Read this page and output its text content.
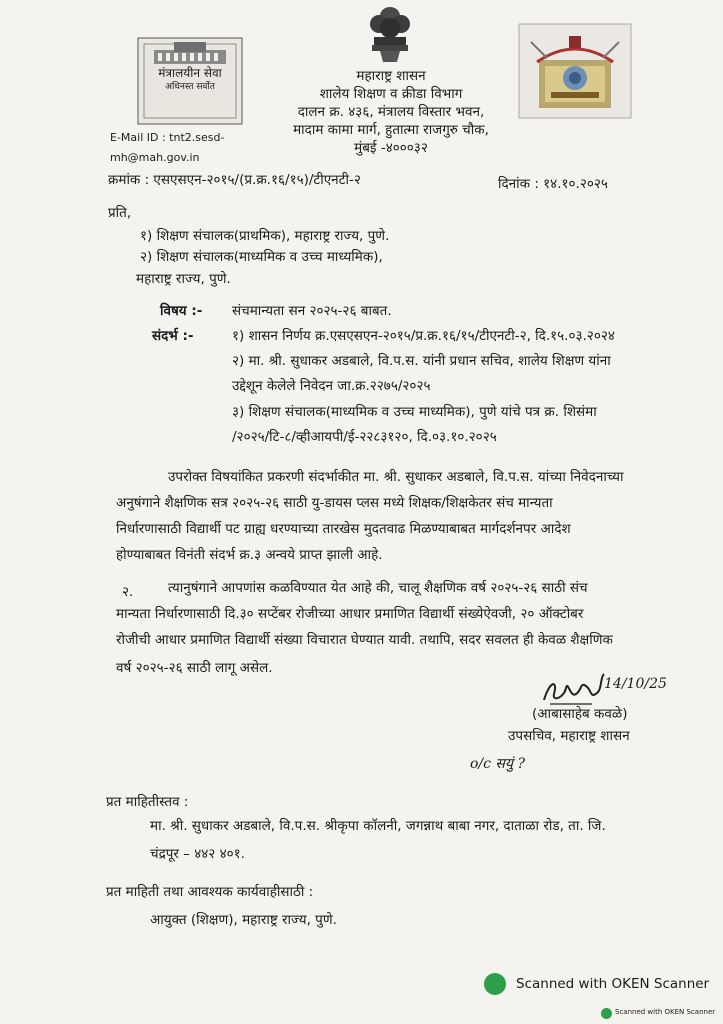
मंत्रालयीन सेवा
अधिनस्त सर्वोत
महाराष्ट्र शासन
शालेय शिक्षण व क्रीडा विभाग
दालन क्र. ४३६, मंत्रालय विस्तार भवन,
मादाम कामा मार्ग, हुतात्मा राजगुरु चौक,
मुंबई -४०००३२
E-Mail ID : tnt2.sesd-
mh@mah.gov.in
क्रमांक : एसएसएन-२०१५/(प्र.क्र.१६/१५)/टीएनटी-२	दिनांक : १४.१०.२०२५
प्रति,
१) शिक्षण संचालक(प्राथमिक), महाराष्ट्र राज्य, पुणे.
२) शिक्षण संचालक(माध्यमिक व उच्च माध्यमिक),
महाराष्ट्र राज्य, पुणे.
विषय :- संचमान्यता सन २०२५-२६ बाबत.
संदर्भ :-	१) शासन निर्णय क्र.एसएसएन-२०१५/प्र.क्र.१६/१५/टीएनटी-२, दि.१५.०३.२०२४
२) मा. श्री. सुधाकर अडबाले, वि.प.स. यांनी प्रधान सचिव, शालेय शिक्षण यांना
उद्देशून केलेले निवेदन जा.क्र.२२७५/२०२५
३) शिक्षण संचालक(माध्यमिक व उच्च माध्यमिक), पुणे यांचे पत्र क्र. शिसंमा
/२०२५/टि-८/व्हीआयपी/ई-२२८३१२०, दि.०३.१०.२०२५
उपरोक्त विषयांकित प्रकरणी संदर्भाकीत मा. श्री. सुधाकर अडबाले, वि.प.स. यांच्या निवेदनाच्या
अनुषंगाने शैक्षणिक सत्र २०२५-२६ साठी यु-डायस प्लस मध्ये शिक्षक/शिक्षकेतर संच मान्यता
निर्धारणासाठी विद्यार्थी पट ग्राह्य धरण्याच्या तारखेस मुदतवाढ मिळण्याबाबत मार्गदर्शनपर आदेश
होण्याबाबत विनंती संदर्भ क्र.३ अन्वये प्राप्त झाली आहे.
२.	त्यानुषंगाने आपणांस कळविण्यात येत आहे की, चालू शैक्षणिक वर्ष २०२५-२६ साठी संच
मान्यता निर्धारणासाठी दि.३० सप्टेंबर रोजीच्या आधार प्रमाणित विद्यार्थी संख्येऐवजी, २० ऑक्टोबर
रोजीची आधार प्रमाणित विद्यार्थी संख्या विचारात घेण्यात यावी. तथापि, सदर सवलत ही केवळ शैक्षणिक
वर्ष २०२५-२६ साठी लागू असेल.
14/10/25
(आबासाहेब कवळे)
उपसचिव, महाराष्ट्र शासन
o/c सयुं ?
प्रत माहितीस्तव :
मा. श्री. सुधाकर अडबाले, वि.प.स. श्रीकृपा कॉलनी, जगन्नाथ बाबा नगर, दाताळा रोड, ता. जि.
चंद्रपूर – ४४२ ४०१.
प्रत माहिती तथा आवश्यक कार्यवाहीसाठी :
आयुक्त (शिक्षण), महाराष्ट्र राज्य, पुणे.
Scanned with OKEN Scanner
Scanned with OKEN Scanner
